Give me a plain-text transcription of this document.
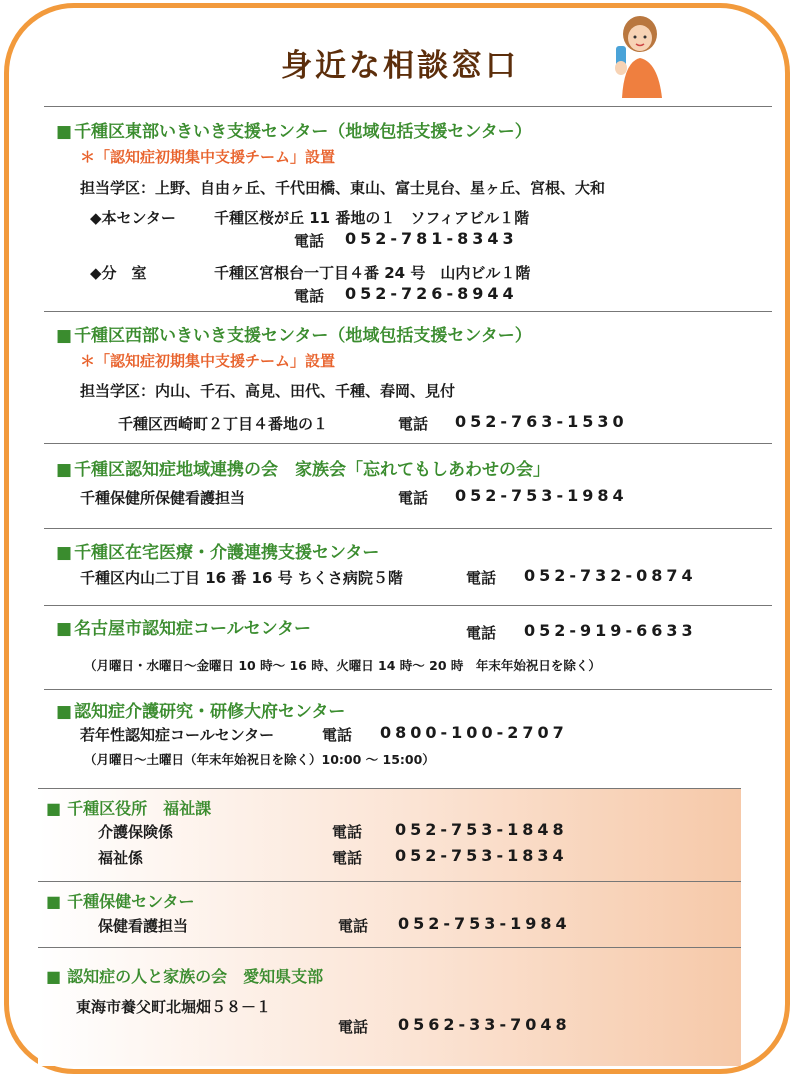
身近な相談窓口
■ 千種区東部いきいき支援センター（地域包括支援センター）
＊「認知症初期集中支援チーム」設置
担当学区：上野、自由ヶ丘、千代田橋、東山、富士見台、星ヶ丘、宮根、大和
◆本センター	千種区桜が丘 11 番地の１　ソフィアビル１階
電話 052-781-8343
◆分　室	千種区宮根台一丁目４番 24 号　山内ビル１階
電話 052-726-8944
■ 千種区西部いきいき支援センター（地域包括支援センター）
＊「認知症初期集中支援チーム」設置
担当学区：内山、千石、高見、田代、千種、春岡、見付
千種区西崎町２丁目４番地の１	電話 052-763-1530
■ 千種区認知症地域連携の会　家族会「忘れてもしあわせの会」
千種保健所保健看護担当	電話 052-753-1984
■ 千種区在宅医療・介護連携支援センター
千種区内山二丁目 16 番 16 号 ちくさ病院５階	電話 052-732-0874
■ 名古屋市認知症コールセンター	電話 052-919-6633
（月曜日・水曜日～金曜日 10 時～ 16 時、火曜日 14 時～ 20 時　年末年始祝日を除く）
■ 認知症介護研究・研修大府センター
若年性認知症コールセンター	電話 0800-100-2707
（月曜日～土曜日（年末年始祝日を除く）10:00 ～ 15:00）
■ 千種区役所　福祉課
介護保険係	電話 052-753-1848
福祉係	電話 052-753-1834
■ 千種保健センター
保健看護担当	電話 052-753-1984
■ 認知症の人と家族の会　愛知県支部
東海市養父町北堀畑５８－１
電話 0562-33-7048
